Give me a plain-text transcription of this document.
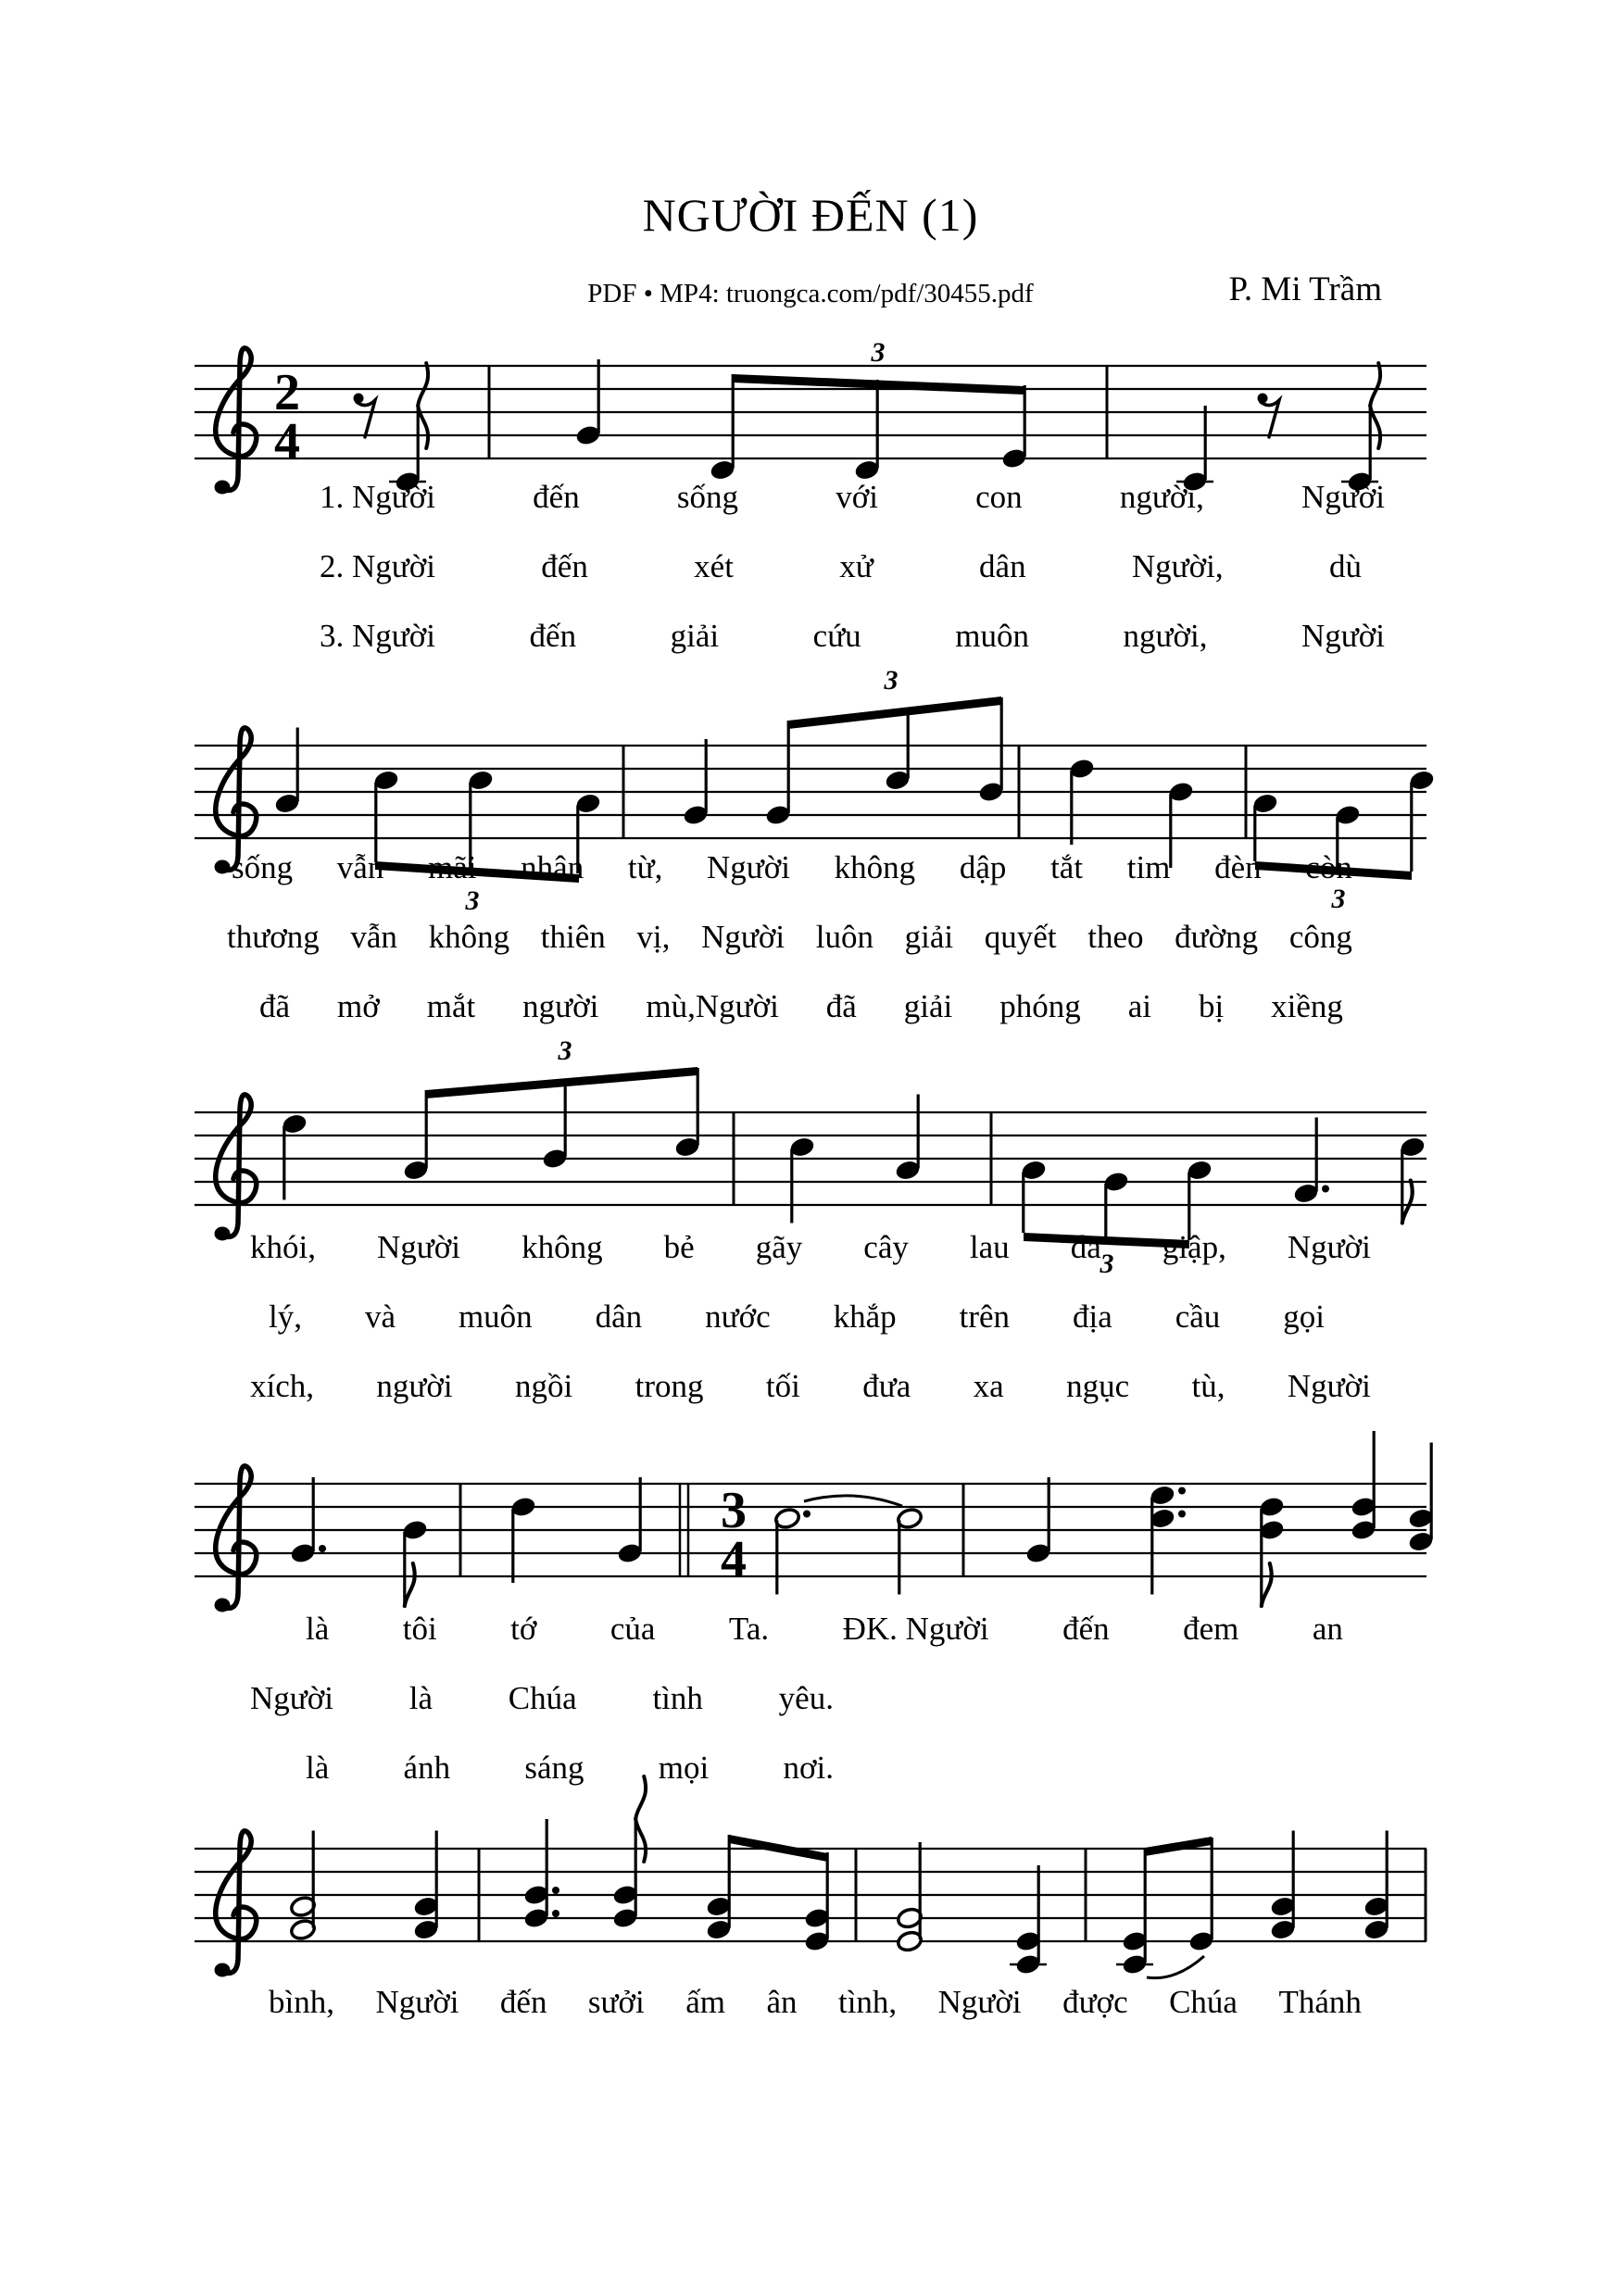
NGƯỜI ĐẾN (1)
PDF • MP4: truongca.com/pdf/30455.pdf	P. Mi Trầm
2
4
3
3
3
3
3
3
3
4
1. Người	đến	sống	với	con	người,	Người
2. Người	đến	xét	xử	dân	Người,	dù
3. Người	đến	giải	cứu	muôn	người,	Người
sống vẫn mãi nhân từ, Người không dập tắt tim đèn còn
thương vẫn không thiên vị, Người luôn giải quyết theo đường công
đã mở mắt người mù,Người đã giải phóng ai bị xiềng
khói, Người không bẻ gãy cây lau đã giập, Người
lý, và muôn dân nước khắp trên địa cầu gọi
xích, người ngồi trong tối đưa xa ngục tù, Người
là tôi tớ của Ta. ĐK. Người đến đem an
Người là Chúa tình yêu.
là ánh sáng mọi nơi.
bình, Người đến sưởi ấm ân tình, Người được Chúa Thánh
